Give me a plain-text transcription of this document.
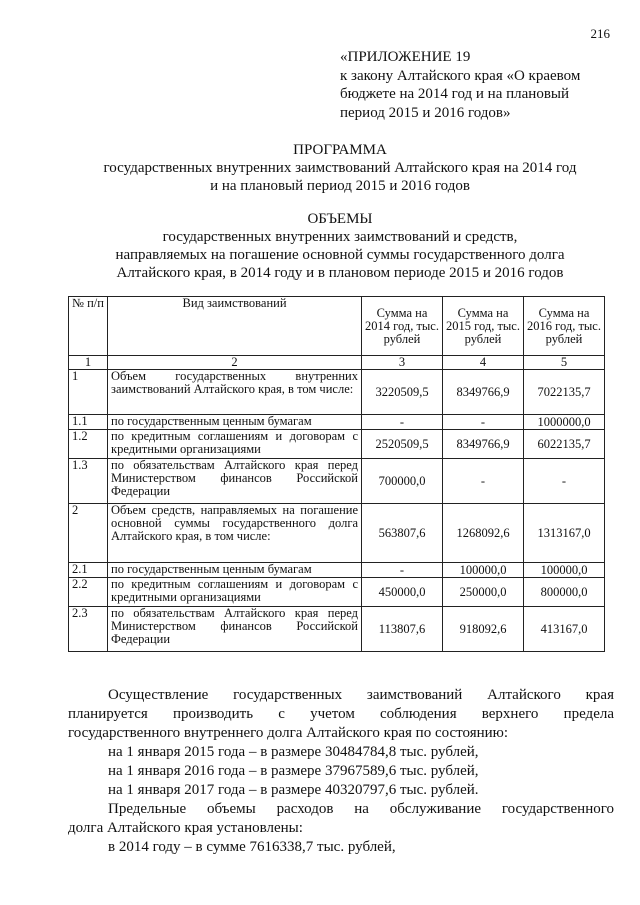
216
«ПРИЛОЖЕНИЕ 19
к закону Алтайского края «О краевом
бюджете на 2014 год и на плановый
период 2015 и 2016 годов»
ПРОГРАММА
государственных внутренних заимствований Алтайского края на 2014 год
и на плановый период 2015 и 2016 годов
ОБЪЕМЫ
государственных внутренних заимствований и средств,
направляемых на погашение основной суммы государственного долга
Алтайского края, в 2014 году и в плановом периоде 2015 и 2016 годов
№ п/п	Вид заимствований	Сумма на 2014 год, тыс. рублей	Сумма на 2015 год, тыс. рублей	Сумма на 2016 год, тыс. рублей
1	2	3	4	5
1	Объем государственных внутренних заимствований Алтайского края, в том числе:	3220509,5	8349766,9	7022135,7
1.1	по государственным ценным бумагам	-	-	1000000,0
1.2	по кредитным соглашениям и договорам с кредитными организациями	2520509,5	8349766,9	6022135,7
1.3	по обязательствам Алтайского края перед Министерством финансов Российской Федерации	700000,0	-	-
2	Объем средств, направляемых на погашение основной суммы государственного долга Алтайского края, в том числе:	563807,6	1268092,6	1313167,0
2.1	по государственным ценным бумагам	-	100000,0	100000,0
2.2	по кредитным соглашениям и договорам с кредитными организациями	450000,0	250000,0	800000,0
2.3	по обязательствам Алтайского края перед Министерством финансов Российской Федерации	113807,6	918092,6	413167,0
Осуществление государственных заимствований Алтайского края
планируется производить с учетом соблюдения верхнего предела
государственного внутреннего долга Алтайского края по состоянию:
на 1 января 2015 года – в размере 30484784,8 тыс. рублей,
на 1 января 2016 года – в размере 37967589,6 тыс. рублей,
на 1 января 2017 года – в размере 40320797,6 тыс. рублей.
Предельные объемы расходов на обслуживание государственного
долга Алтайского края установлены:
в 2014 году – в сумме 7616338,7 тыс. рублей,
